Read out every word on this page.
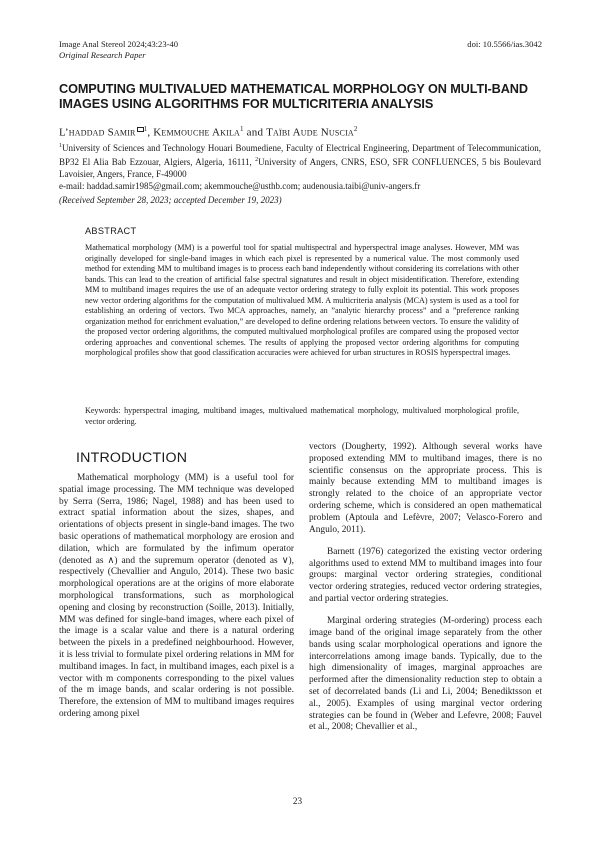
Image Anal Stereol 2024;43:23-40
Original Research Paper
doi: 10.5566/ias.3042
COMPUTING MULTIVALUED MATHEMATICAL MORPHOLOGY ON MULTI-BAND IMAGES USING ALGORITHMS FOR MULTICRITERIA ANALYSIS
L’haddad Samir $^1$, Kemmouche Akila$^1$ and Taïbi Aude Nuscia$^2$
$^1$University of Sciences and Technology Houari Boumediene, Faculty of Electrical Engineering, Department of Telecommunication, BP32 El Alia Bab Ezzouar, Algiers, Algeria, 16111, $^2$University of Angers, CNRS, ESO, SFR CONFLUENCES, 5 bis Boulevard Lavoisier, Angers, France, F-49000
e-mail: haddad.samir1985@gmail.com; akemmouche@usthb.com; audenousia.taibi@univ-angers.fr
(Received September 28, 2023; accepted December 19, 2023)
ABSTRACT
Mathematical morphology (MM) is a powerful tool for spatial multispectral and hyperspectral image analyses. However, MM was originally developed for single-band images in which each pixel is represented by a numerical value. The most commonly used method for extending MM to multiband images is to process each band independently without considering its correlations with other bands. This can lead to the creation of artificial false spectral signatures and result in object misidentification. Therefore, extending MM to multiband images requires the use of an adequate vector ordering strategy to fully exploit its potential. This work proposes new vector ordering algorithms for the computation of multivalued MM. A multicriteria analysis (MCA) system is used as a tool for establishing an ordering of vectors. Two MCA approaches, namely, an ”analytic hierarchy process” and a ”preference ranking organization method for enrichment evaluation,” are developed to define ordering relations between vectors. To ensure the validity of the proposed vector ordering algorithms, the computed multivalued morphological profiles are compared using the proposed vector ordering approaches and conventional schemes. The results of applying the proposed vector ordering algorithms for computing morphological profiles show that good classification accuracies were achieved for urban structures in ROSIS hyperspectral images.
Keywords: hyperspectral imaging, multiband images, multivalued mathematical morphology, multivalued morphological profile, vector ordering.
INTRODUCTION

Mathematical morphology (MM) is a useful tool for spatial image processing. The MM technique was developed by Serra (Serra, 1986; Nagel, 1988) and has been used to extract spatial information about the sizes, shapes, and orientations of objects present in single-band images. The two basic operations of mathematical morphology are erosion and dilation, which are formulated by the infimum operator (denoted as ∧) and the supremum operator (denoted as ∨), respectively (Chevallier and Angulo, 2014). These two basic morphological operations are at the origins of more elaborate morphological transformations, such as morphological opening and closing by reconstruction (Soille, 2013). Initially, MM was defined for single-band images, where each pixel of the image is a scalar value and there is a natural ordering between the pixels in a predefined neighbourhood. However, it is less trivial to formulate pixel ordering relations in MM for multiband images. In fact, in multiband images, each pixel is a vector with m components corresponding to the pixel values of the m image bands, and scalar ordering is not possible. Therefore, the extension of MM to multiband images requires ordering among pixel

vectors (Dougherty, 1992). Although several works have proposed extending MM to multiband images, there is no scientific consensus on the appropriate process. This is mainly because extending MM to multiband images is strongly related to the choice of an appropriate vector ordering scheme, which is considered an open mathematical problem (Aptoula and Lefèvre, 2007; Velasco-Forero and Angulo, 2011).

Barnett (1976) categorized the existing vector ordering algorithms used to extend MM to multiband images into four groups: marginal vector ordering strategies, conditional vector ordering strategies, reduced vector ordering strategies, and partial vector ordering strategies.

Marginal ordering strategies (M-ordering) process each image band of the original image separately from the other bands using scalar morphological operations and ignore the intercorrelations among image bands. Typically, due to the high dimensionality of images, marginal approaches are performed after the dimensionality reduction step to obtain a set of decorrelated bands (Li and Li, 2004; Benediktsson et al., 2005). Examples of using marginal vector ordering strategies can be found in (Weber and Lefevre, 2008; Fauvel et al., 2008; Chevallier et al.,

23
